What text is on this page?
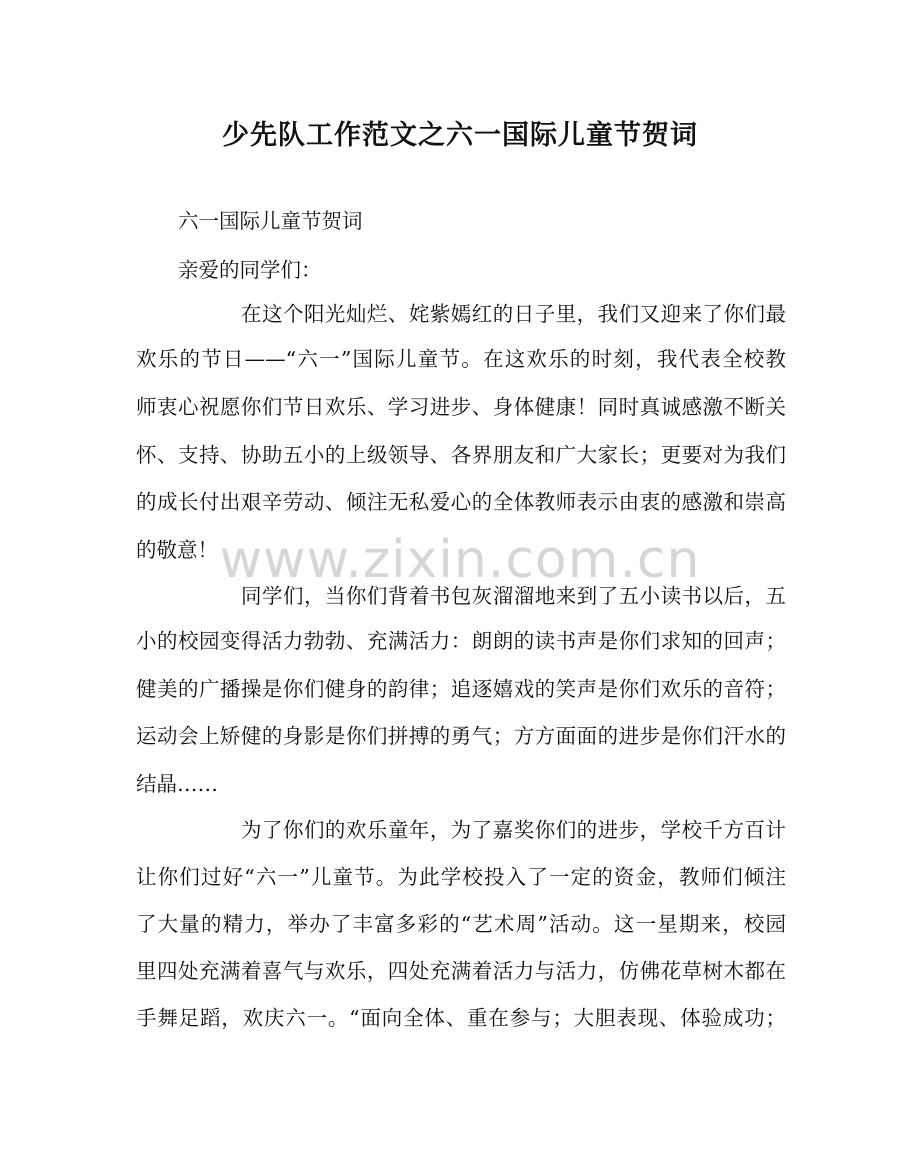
少先队工作范文之六一国际儿童节贺词
六一国际儿童节贺词
亲爱的同学们：
在这个阳光灿烂、姹紫嫣红的日子里，我们又迎来了你们最
欢乐的节日——“六一”国际儿童节。在这欢乐的时刻，我代表全校教
师衷心祝愿你们节日欢乐、学习进步、身体健康！同时真诚感激不断关
怀、支持、协助五小的上级领导、各界朋友和广大家长；更要对为我们
的成长付出艰辛劳动、倾注无私爱心的全体教师表示由衷的感激和崇高
的敬意！
同学们，当你们背着书包灰溜溜地来到了五小读书以后，五
小的校园变得活力勃勃、充满活力：朗朗的读书声是你们求知的回声；
健美的广播操是你们健身的韵律；追逐嬉戏的笑声是你们欢乐的音符；
运动会上矫健的身影是你们拼搏的勇气；方方面面的进步是你们汗水的
结晶……
为了你们的欢乐童年，为了嘉奖你们的进步，学校千方百计
让你们过好“六一”儿童节。为此学校投入了一定的资金，教师们倾注
了大量的精力，举办了丰富多彩的“艺术周”活动。这一星期来，校园
里四处充满着喜气与欢乐，四处充满着活力与活力，仿佛花草树木都在
手舞足蹈，欢庆六一。“面向全体、重在参与；大胆表现、体验成功；
www.zixin.com.cn
